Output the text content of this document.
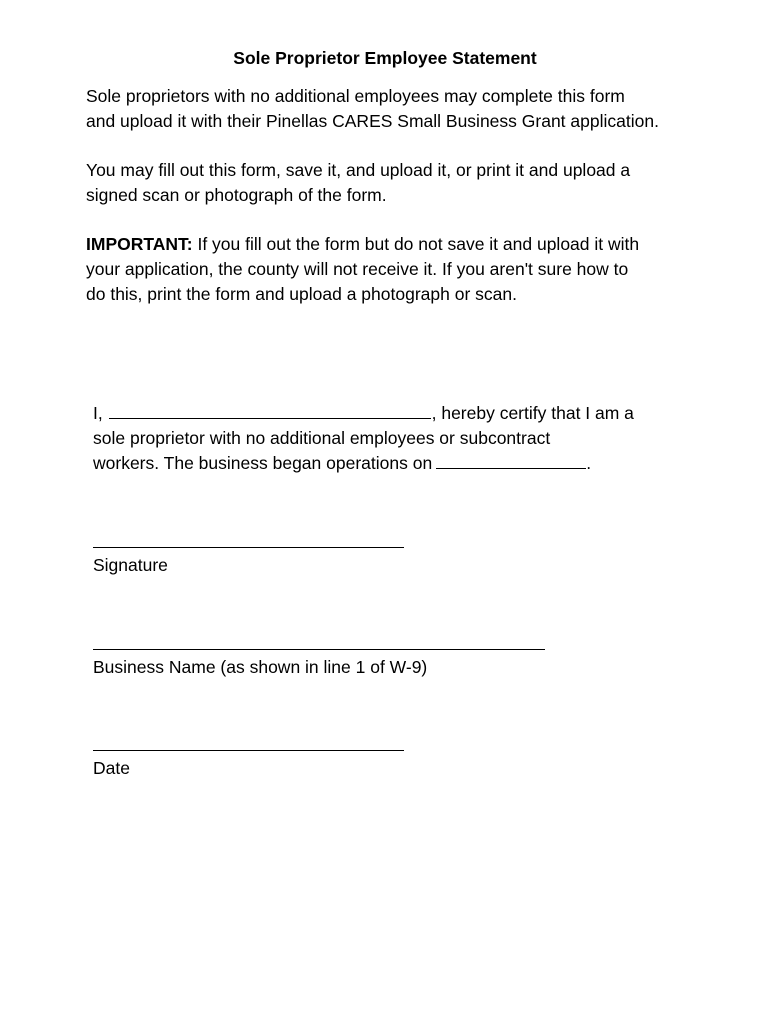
Sole Proprietor Employee Statement
Sole proprietors with no additional employees may complete this form
and upload it with their Pinellas CARES Small Business Grant application.
You may fill out this form, save it, and upload it, or print it and upload a
signed scan or photograph of the form.
IMPORTANT: If you fill out the form but do not save it and upload it with
your application, the county will not receive it. If you aren't sure how to
do this, print the form and upload a photograph or scan.
I,	, hereby certify that I am a
sole proprietor with no additional employees or subcontract
workers. The business began operations on	.
Signature
Business Name (as shown in line 1 of W-9)
Date
